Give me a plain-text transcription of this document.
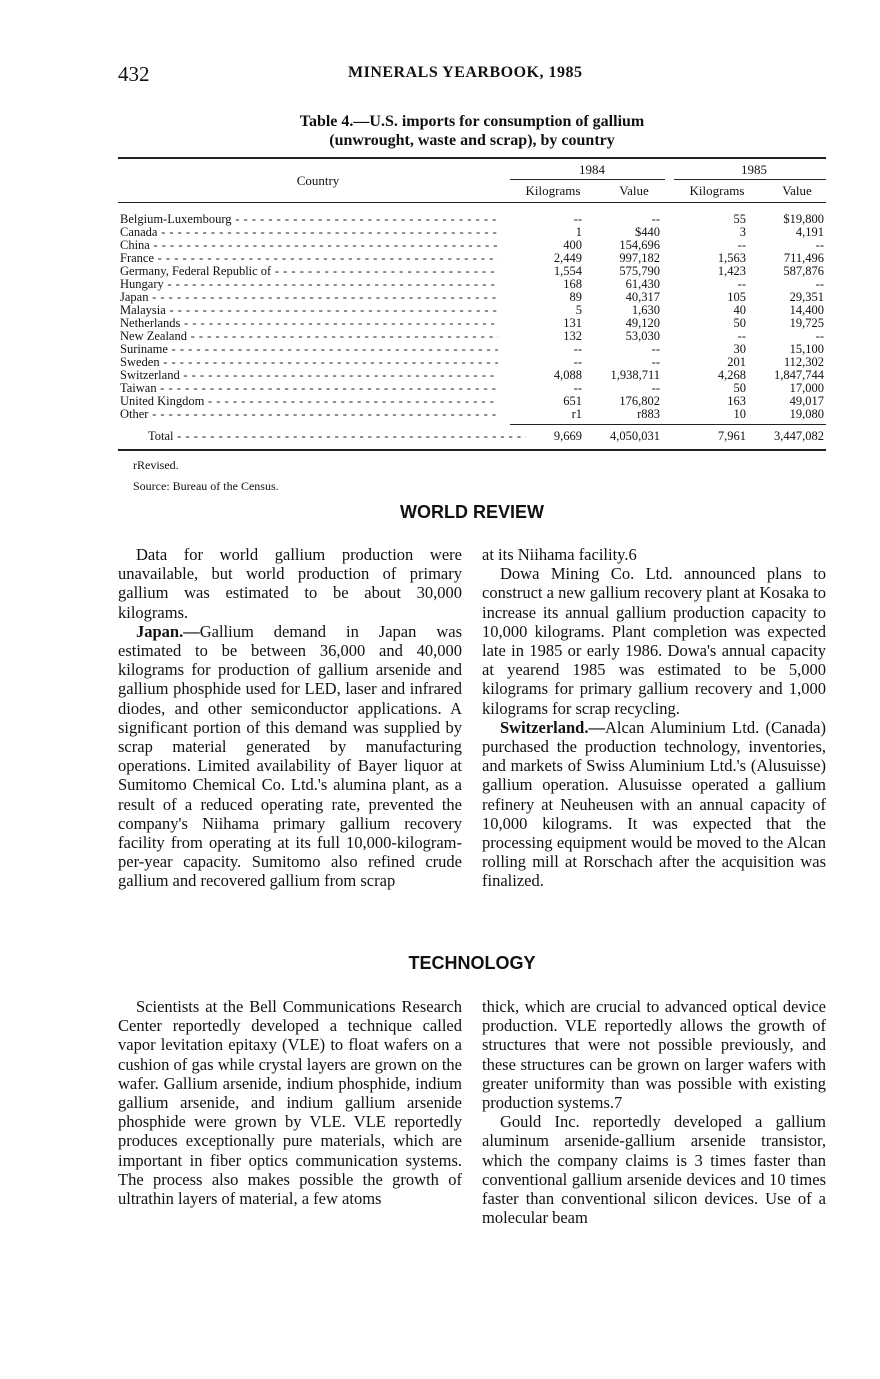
432	MINERALS YEARBOOK, 1985
Table 4.—U.S. imports for consumption of gallium
(unwrought, waste and scrap), by country
Country
1984	1985
Kilograms	Value	Kilograms	Value
Belgium-Luxembourg - - -	--	--	55	$19,800
Canada - - -	1	$440	3	4,191
China - - -	400	154,696	--	--
France - - -	2,449	997,182	1,563	711,496
Germany, Federal Republic of - - -	1,554	575,790	1,423	587,876
Hungary - - -	168	61,430	--	--
Japan - - -	89	40,317	105	29,351
Malaysia - - -	5	1,630	40	14,400
Netherlands - - -	131	49,120	50	19,725
New Zealand - - -	132	53,030	--	--
Suriname - - -	--	--	30	15,100
Sweden - - -	--	--	201	112,302
Switzerland - - -	4,088	1,938,711	4,268	1,847,744
Taiwan - - -	--	--	50	17,000
United Kingdom - - -	651	176,802	163	49,017
Other - - -	r1	r883	10	19,080
Total - - -	9,669	4,050,031	7,961	3,447,082
rRevised.
Source: Bureau of the Census.
WORLD REVIEW

Data for world gallium production were unavailable, but world production of primary gallium was estimated to be about 30,000 kilograms.

Japan.—Gallium demand in Japan was estimated to be between 36,000 and 40,000 kilograms for production of gallium arsenide and gallium phosphide used for LED, laser and infrared diodes, and other semiconductor applications. A significant portion of this demand was supplied by scrap material generated by manufacturing operations. Limited availability of Bayer liquor at Sumitomo Chemical Co. Ltd.'s alumina plant, as a result of a reduced operating rate, prevented the company's Niihama primary gallium recovery facility from operating at its full 10,000-kilogram-per-year capacity. Sumitomo also refined crude gallium and recovered gallium from scrap

at its Niihama facility.6

Dowa Mining Co. Ltd. announced plans to construct a new gallium recovery plant at Kosaka to increase its annual gallium production capacity to 10,000 kilograms. Plant completion was expected late in 1985 or early 1986. Dowa's annual capacity at yearend 1985 was estimated to be 5,000 kilograms for primary gallium recovery and 1,000 kilograms for scrap recycling.

Switzerland.—Alcan Aluminium Ltd. (Canada) purchased the production technology, inventories, and markets of Swiss Aluminium Ltd.'s (Alusuisse) gallium operation. Alusuisse operated a gallium refinery at Neuheusen with an annual capacity of 10,000 kilograms. It was expected that the processing equipment would be moved to the Alcan rolling mill at Rorschach after the acquisition was finalized.

TECHNOLOGY

Scientists at the Bell Communications Research Center reportedly developed a technique called vapor levitation epitaxy (VLE) to float wafers on a cushion of gas while crystal layers are grown on the wafer. Gallium arsenide, indium phosphide, indium gallium arsenide, and indium gallium arsenide phosphide were grown by VLE. VLE reportedly produces exceptionally pure materials, which are important in fiber optics communication systems. The process also makes possible the growth of ultrathin layers of material, a few atoms

thick, which are crucial to advanced optical device production. VLE reportedly allows the growth of structures that were not possible previously, and these structures can be grown on larger wafers with greater uniformity than was possible with existing production systems.7

Gould Inc. reportedly developed a gallium aluminum arsenide-gallium arsenide transistor, which the company claims is 3 times faster than conventional gallium arsenide devices and 10 times faster than conventional silicon devices. Use of a molecular beam
